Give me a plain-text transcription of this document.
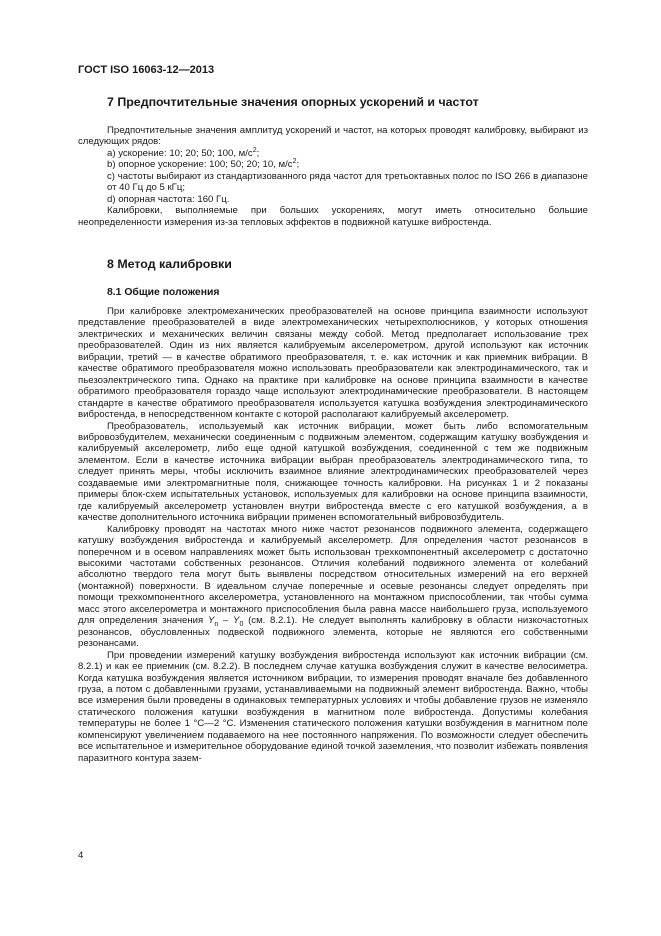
ГОСТ ISO 16063-12—2013
7 Предпочтительные значения опорных ускорений и частот

Предпочтительные значения амплитуд ускорений и частот, на которых проводят калибровку, выбирают из следующих рядов:

a) ускорение: 10; 20; 50; 100, $м/с^2$;

b) опорное ускорение: 100; 50; 20; 10, $м/с^2$;

c) частоты выбирают из стандартизованного ряда частот для третьоктавных полос по ISO 266 в диапазоне от 40 Гц до 5 кГц;

d) опорная частота: 160 Гц.

Калибровки, выполняемые при больших ускорениях, могут иметь относительно большие неопределенности измерения из-за тепловых эффектов в подвижной катушке вибростенда.

8 Метод калибровки
8.1 Общие положения

При калибровке электромеханических преобразователей на основе принципа взаимности используют представление преобразователей в виде электромеханических четырехполюсников, у которых отношения электрических и механических величин связаны между собой. Метод предполагает использование трех преобразователей. Один из них является калибруемым акселерометром, другой используют как источник вибрации, третий — в качестве обратимого преобразователя, т. е. как источник и как приемник вибрации. В качестве обратимого преобразователя можно использовать преобразователи как электродинамического, так и пьезоэлектрического типа. Однако на практике при калибровке на основе принципа взаимности в качестве обратимого преобразователя гораздо чаще используют электродинамические преобразователи. В настоящем стандарте в качестве обратимого преобразователя используется катушка возбуждения электродинамического вибростенда, в непосредственном контакте с которой располагают калибруемый акселерометр.

Преобразователь, используемый как источник вибрации, может быть либо вспомогательным вибровозбудителем, механически соединенным с подвижным элементом, содержащим катушку возбуждения и калибруемый акселерометр, либо еще одной катушкой возбуждения, соединенной с тем же подвижным элементом. Если в качестве источника вибрации выбран преобразователь электродинамического типа, то следует принять меры, чтобы исключить взаимное влияние электродинамических преобразователей через создаваемые ими электромагнитные поля, снижающее точность калибровки. На рисунках 1 и 2 показаны примеры блок-схем испытательных установок, используемых для калибровки на основе принципа взаимности, где калибруемый акселерометр установлен внутри вибростенда вместе с его катушкой возбуждения, а в качестве дополнительного источника вибрации применен вспомогательный вибровозбудитель.

Калибровку проводят на частотах много ниже частот резонансов подвижного элемента, содержащего катушку возбуждения вибростенда и калибруемый акселерометр. Для определения частот резонансов в поперечном и в осевом направлениях может быть использован трехкомпонентный акселерометр с достаточно высокими частотами собственных резонансов. Отличия колебаний подвижного элемента от колебаний абсолютно твердого тела могут быть выявлены посредством относительных измерений на его верхней (монтажной) поверхности. В идеальном случае поперечные и осевые резонансы следует определять при помощи трехкомпонентного акселерометра, установленного на монтажном приспособлении, так чтобы сумма масс этого акселерометра и монтажного приспособления была равна массе наибольшего груза, используемого для определения значения $Y_n - Y_0$ (см. 8.2.1). Не следует выполнять калибровку в области низкочастотных резонансов, обусловленных подвеской подвижного элемента, которые не являются его собственными резонансами.

При проведении измерений катушку возбуждения вибростенда используют как источник вибрации (см. 8.2.1) и как ее приемник (см. 8.2.2). В последнем случае катушка возбуждения служит в качестве велосиметра. Когда катушка возбуждения является источником вибрации, то измерения проводят вначале без добавленного груза, а потом с добавленными грузами, устанавливаемыми на подвижный элемент вибростенда. Важно, чтобы все измерения были проведены в одинаковых температурных условиях и чтобы добавление грузов не изменяло статического положения катушки возбуждения в магнитном поле вибростенда. Допустимы колебания температуры не более 1 °С—2 °С. Изменения статического положения катушки возбуждения в магнитном поле компенсируют увеличением подаваемого на нее постоянного напряжения. По возможности следует обеспечить все испытательное и измерительное оборудование единой точкой заземления, что позволит избежать появления паразитного контура зазем-

4
